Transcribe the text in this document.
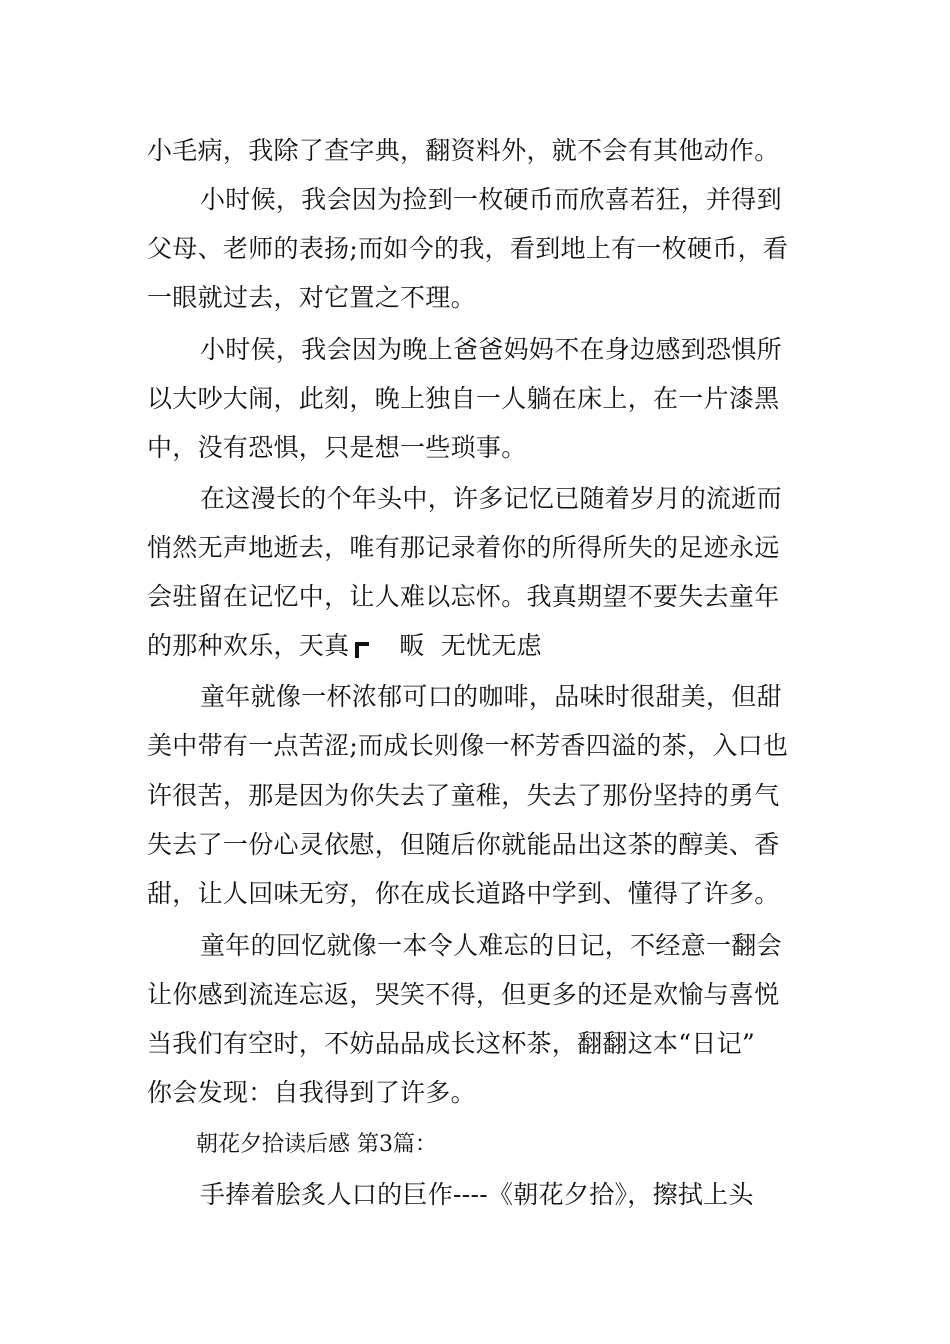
小毛病，我除了查字典，翻资料外，就不会有其他动作。
小时候，我会因为捡到一枚硬币而欣喜若狂，并得到
父母、老师的表扬;而如今的我，看到地上有一枚硬币，看
一眼就过去，对它置之不理。
小时侯，我会因为晚上爸爸妈妈不在身边感到恐惧所
以大吵大闹，此刻，晚上独自一人躺在床上，在一片漆黑
中，没有恐惧，只是想一些琐事。
在这漫长的个年头中，许多记忆已随着岁月的流逝而
悄然无声地逝去，唯有那记录着你的所得所失的足迹永远
会驻留在记忆中，让人难以忘怀。我真期望不要失去童年
的那种欢乐，天真 畈 无忧无虑
童年就像一杯浓郁可口的咖啡，品味时很甜美，但甜
美中带有一点苦涩;而成长则像一杯芳香四溢的茶，入口也
许很苦，那是因为你失去了童稚，失去了那份坚持的勇气
失去了一份心灵依慰，但随后你就能品出这茶的醇美、香
甜，让人回味无穷，你在成长道路中学到、懂得了许多。
童年的回忆就像一本令人难忘的日记，不经意一翻会
让你感到流连忘返，哭笑不得，但更多的还是欢愉与喜悦
当我们有空时，不妨品品成长这杯茶，翻翻这本“日记”
你会发现：自我得到了许多。
朝花夕拾读后感 第3篇：
手捧着脍炙人口的巨作----《朝花夕拾》，擦拭上头
